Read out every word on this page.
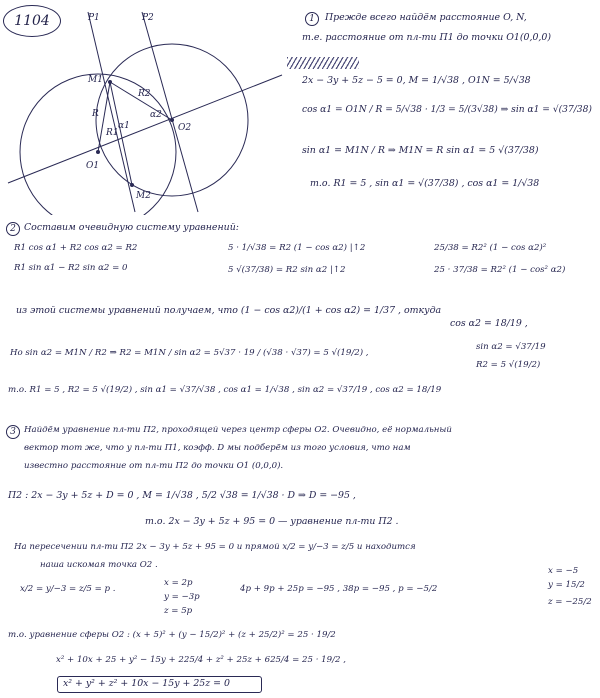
1104	P1	P2
M1
M2
O1
O2
R
R1
R2
α1
α2
1	Прежде всего найдём расстояние O, N,
т.е. расстояние от пл-ти П1 до точки O1(0,0,0)
2x − 3y + 5z − 5 = 0, M = 1/√38 , O1N = 5/√38
cos α1 = O1N / R = 5/√38 · 1/3 = 5/(3√38) ⇒ sin α1 = √(37/38)
sin α1 = M1N / R ⇒ M1N = R sin α1 = 5 √(37/38)
т.о. R1 = 5 , sin α1 = √(37/38) , cos α1 = 1/√38
2 Составим очевидную систему уравнений:
R1 cos α1 + R2 cos α2 = R2
R1 sin α1 − R2 sin α2 = 0
5 · 1/√38 = R2 (1 − cos α2) |↑2
5 √(37/38) = R2 sin α2 |↑2
25/38 = R2² (1 − cos α2)²
25 · 37/38 = R2² (1 − cos² α2)
из этой системы уравнений получаем, что (1 − cos α2)/(1 + cos α2) = 1/37 , откуда
cos α2 = 18/19 ,
Но sin α2 = M1N / R2 ⇒ R2 = M1N / sin α2 = 5√37 · 19 / (√38 · √37) = 5 √(19/2) ,
sin α2 = √37/19
R2 = 5 √(19/2)
т.о. R1 = 5 , R2 = 5 √(19/2) , sin α1 = √37/√38 , cos α1 = 1/√38 , sin α2 = √37/19 , cos α2 = 18/19
3 Найдём уравнение пл-ти П2, проходящей через центр сферы O2. Очевидно, её нормальный
вектор тот же, что у пл-ти П1, коэфф. D мы подберём из того условия, что нам
известно расстояние от пл-ти П2 до точки O1 (0,0,0).
П2 : 2x − 3y + 5z + D = 0 , M = 1/√38 , 5/2 √38 = 1/√38 · D ⇒ D = −95 ,
т.о. 2x − 3y + 5z + 95 = 0 — уравнение пл-ти П2 .
На пересечении пл-ти П2 2x − 3y + 5z + 95 = 0 и прямой x/2 = y/−3 = z/5 и находится
наша искомая точка O2 .
x/2 = y/−3 = z/5 = p .
x = 2p
y = −3p
z = 5p
4p + 9p + 25p = −95 , 38p = −95 , p = −5/2
x = −5
y = 15/2
z = −25/2
т.о. уравнение сферы O2 : (x + 5)² + (y − 15/2)² + (z + 25/2)² = 25 · 19/2
x² + 10x + 25 + y² − 15y + 225/4 + z² + 25z + 625/4 = 25 · 19/2 ,
x² + y² + z² + 10x − 15y + 25z = 0
